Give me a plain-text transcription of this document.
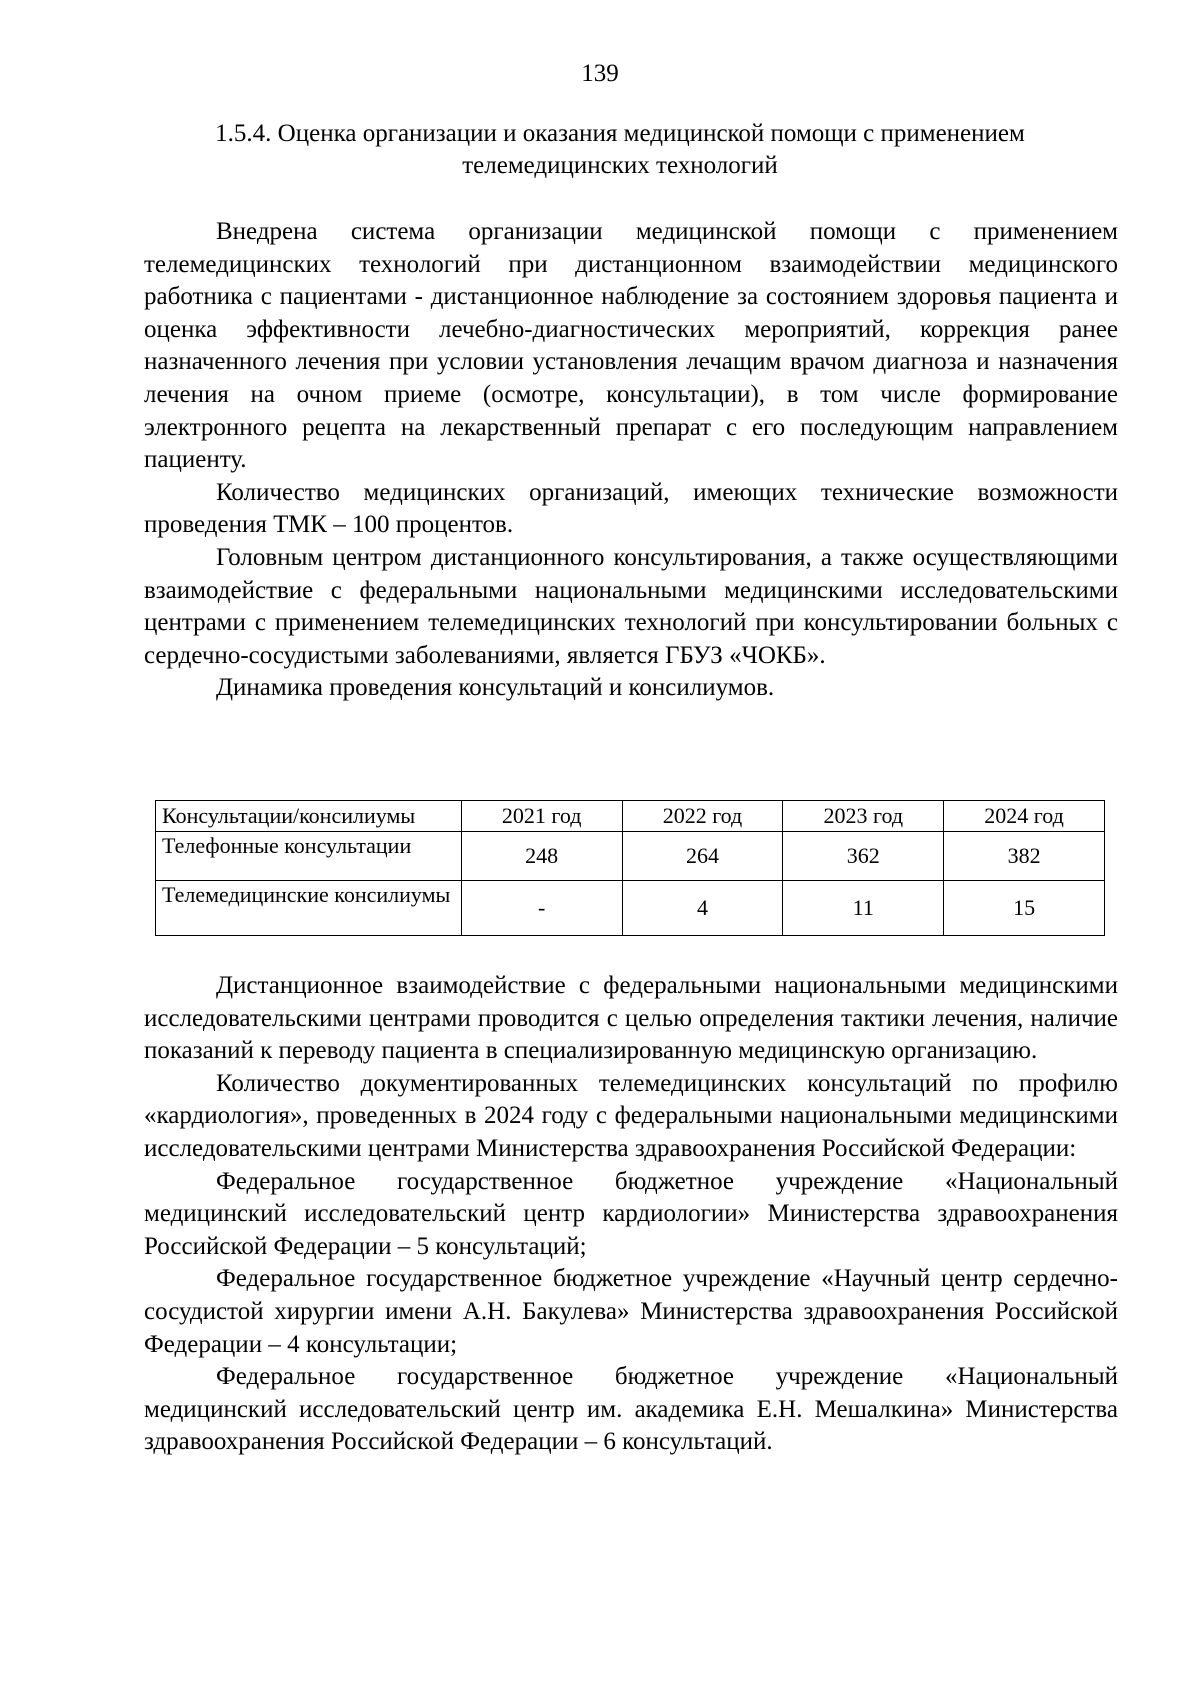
139
1.5.4. Оценка организации и оказания медицинской помощи с применением
телемедицинских технологий

Внедрена система организации медицинской помощи с применением телемедицинских технологий при дистанционном взаимодействии медицинского работника с пациентами - дистанционное наблюдение за состоянием здоровья пациента и оценка эффективности лечебно-диагностических мероприятий, коррекция ранее назначенного лечения при условии установления лечащим врачом диагноза и назначения лечения на очном приеме (осмотре, консультации), в том числе формирование электронного рецепта на лекарственный препарат с его последующим направлением пациенту.

Количество медицинских организаций, имеющих технические возможности проведения ТМК – 100 процентов.

Головным центром дистанционного консультирования, а также осуществляющими взаимодействие с федеральными национальными медицинскими исследовательскими центрами с применением телемедицинских технологий при консультировании больных с сердечно-сосудистыми заболеваниями, является ГБУЗ «ЧОКБ».

Динамика проведения консультаций и консилиумов.

Консультации/консилиумы	2021 год	2022 год	2023 год	2024 год
Телефонные консультации	248	264	362	382
Телемедицинские консилиумы	-	4	11	15

Дистанционное взаимодействие с федеральными национальными медицинскими исследовательскими центрами проводится с целью определения тактики лечения, наличие показаний к переводу пациента в специализированную медицинскую организацию.

Количество документированных телемедицинских консультаций по профилю «кардиология», проведенных в 2024 году с федеральными национальными медицинскими исследовательскими центрами Министерства здравоохранения Российской Федерации:

Федеральное государственное бюджетное учреждение «Национальный медицинский исследовательский центр кардиологии» Министерства здравоохранения Российской Федерации – 5 консультаций;

Федеральное государственное бюджетное учреждение «Научный центр сердечно-сосудистой хирургии имени А.Н. Бакулева» Министерства здравоохранения Российской Федерации – 4 консультации;

Федеральное государственное бюджетное учреждение «Национальный медицинский исследовательский центр им. академика Е.Н. Мешалкина» Министерства здравоохранения Российской Федерации – 6 консультаций.
